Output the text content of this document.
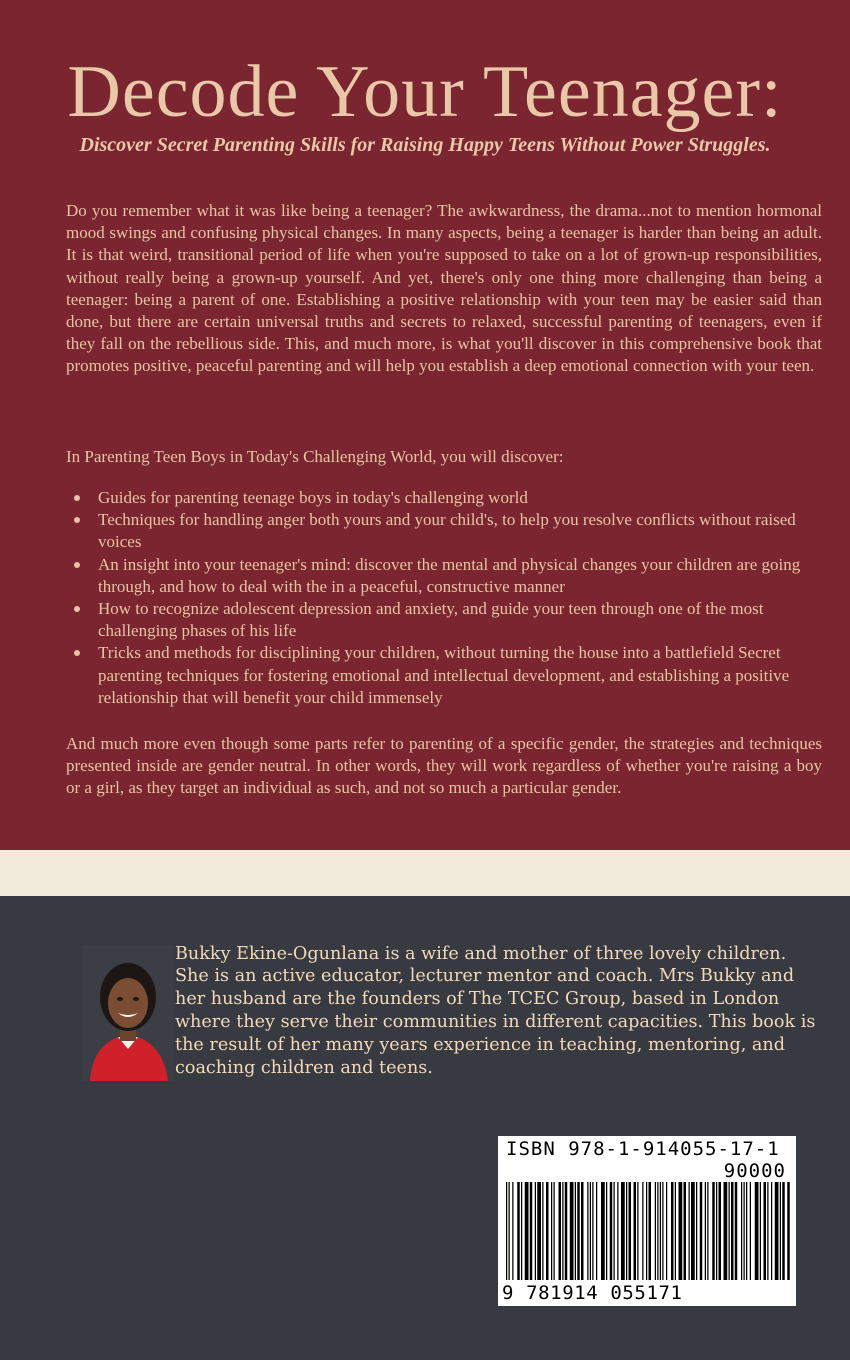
Decode Your Teenager:

Discover Secret Parenting Skills for Raising Happy Teens Without Power Struggles.

Do you remember what it was like being a teenager? The awkwardness, the drama...not to mention hormonal mood swings and confusing physical changes. In many aspects, being a teenager is harder than being an adult. It is that weird, transitional period of life when you're supposed to take on a lot of grown-up responsibilities, without really being a grown-up yourself. And yet, there's only one thing more challenging than being a teenager: being a parent of one. Establishing a positive relationship with your teen may be easier said than done, but there are certain universal truths and secrets to relaxed, successful parenting of teenagers, even if they fall on the rebellious side. This, and much more, is what you'll discover in this comprehensive book that promotes positive, peaceful parenting and will help you establish a deep emotional connection with your teen.

In Parenting Teen Boys in Today's Challenging World, you will discover:

Guides for parenting teenage boys in today's challenging world
Techniques for handling anger both yours and your child's, to help you resolve conflicts without raised voices
An insight into your teenager's mind: discover the mental and physical changes your children are going through, and how to deal with the in a peaceful, constructive manner
How to recognize adolescent depression and anxiety, and guide your teen through one of the most challenging phases of his life
Tricks and methods for disciplining your children, without turning the house into a battlefield Secret parenting techniques for fostering emotional and intellectual development, and establishing a positive relationship that will benefit your child immensely

And much more even though some parts refer to parenting of a specific gender, the strategies and techniques presented inside are gender neutral. In other words, they will work regardless of whether you're raising a boy or a girl, as they target an individual as such, and not so much a particular gender.

Bukky Ekine-Ogunlana is a wife and mother of three lovely children. She is an active educator, lecturer mentor and coach. Mrs Bukky and her husband are the founders of The TCEC Group, based in London where they serve their communities in different capacities. This book is the result of her many years experience in teaching, mentoring, and coaching children and teens.

ISBN 978-1-914055-17-1
90000
9 781914 055171
